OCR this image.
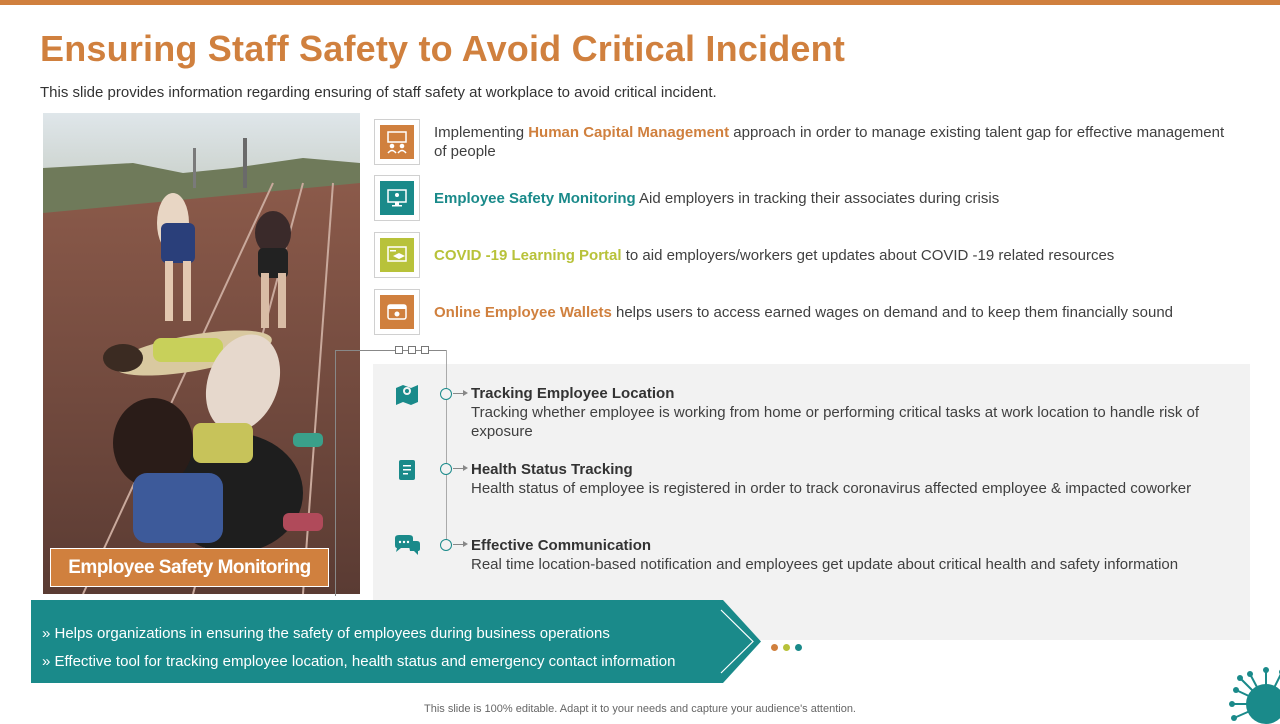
Ensuring Staff Safety to Avoid Critical Incident
This slide provides information regarding ensuring of staff safety at workplace to avoid critical incident.
Employee Safety Monitoring
Implementing Human Capital Management approach in order to manage existing talent gap for effective management of people
Employee Safety Monitoring Aid employers in tracking their associates during crisis
COVID -19 Learning Portal to aid employers/workers get updates about COVID -19 related resources
Online Employee Wallets helps users to access earned wages on demand and to keep them financially sound
Tracking Employee Location
Tracking whether employee is working from home or performing critical tasks at work location to handle risk of exposure
Health Status Tracking
Health status of employee is registered in order to track coronavirus affected employee & impacted coworker
Effective Communication
Real time location-based notification and employees get update about critical health and safety information
» Helps organizations in ensuring the safety of employees during business operations
» Effective tool for tracking employee location, health status and emergency contact information
This slide is 100% editable. Adapt it to your needs and capture your audience's attention.
